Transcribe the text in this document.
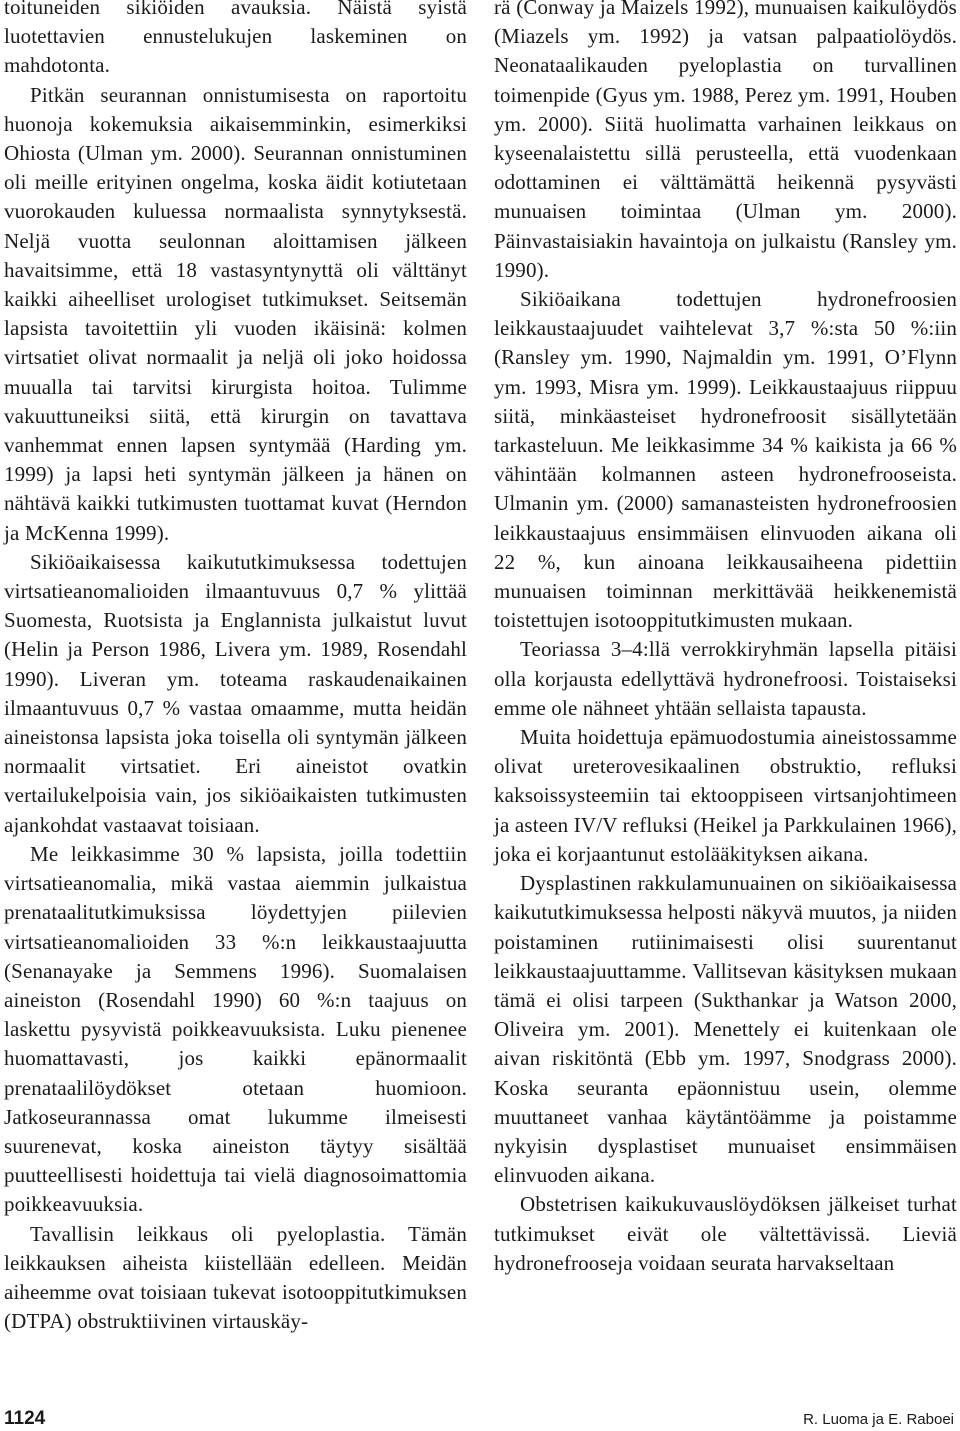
toituneiden sikiöiden avauksia. Näistä syistä luotettavien ennustelukujen laskeminen on mahdotonta.

Pitkän seurannan onnistumisesta on raportoitu huonoja kokemuksia aikaisemminkin, esimerkiksi Ohiosta (Ulman ym. 2000). Seurannan onnistuminen oli meille erityinen ongelma, koska äidit kotiutetaan vuorokauden kuluessa normaalista synnytyksestä. Neljä vuotta seulonnan aloittamisen jälkeen havaitsimme, että 18 vastasyntynyttä oli välttänyt kaikki aiheelliset urologiset tutkimukset. Seitsemän lapsista tavoitettiin yli vuoden ikäisinä: kolmen virtsatiet olivat normaalit ja neljä oli joko hoidossa muualla tai tarvitsi kirurgista hoitoa. Tulimme vakuuttuneiksi siitä, että kirurgin on tavattava vanhemmat ennen lapsen syntymää (Harding ym. 1999) ja lapsi heti syntymän jälkeen ja hänen on nähtävä kaikki tutkimusten tuottamat kuvat (Herndon ja McKenna 1999).

Sikiöaikaisessa kaikututkimuksessa todettujen virtsatieanomalioiden ilmaantuvuus 0,7 % ylittää Suomesta, Ruotsista ja Englannista julkaistut luvut (Helin ja Person 1986, Livera ym. 1989, Rosendahl 1990). Liveran ym. toteama raskaudenaikainen ilmaantuvuus 0,7 % vastaa omaamme, mutta heidän aineistonsa lapsista joka toisella oli syntymän jälkeen normaalit virtsatiet. Eri aineistot ovatkin vertailukelpoisia vain, jos sikiöaikaisten tutkimusten ajankohdat vastaavat toisiaan.

Me leikkasimme 30 % lapsista, joilla todettiin virtsatieanomalia, mikä vastaa aiemmin julkaistua prenataalitutkimuksissa löydettyjen piilevien virtsatieanomalioiden 33 %:n leikkaustaajuutta (Senanayake ja Semmens 1996). Suomalaisen aineiston (Rosendahl 1990) 60 %:n taajuus on laskettu pysyvistä poikkeavuuksista. Luku pienenee huomattavasti, jos kaikki epänormaalit prenataalilöydökset otetaan huomioon. Jatkoseurannassa omat lukumme ilmeisesti suurenevat, koska aineiston täytyy sisältää puutteellisesti hoidettuja tai vielä diagnosoimattomia poikkeavuuksia.

Tavallisin leikkaus oli pyeloplastia. Tämän leikkauksen aiheista kiistellään edelleen. Meidän aiheemme ovat toisiaan tukevat isotooppitutkimuksen (DTPA) obstruktiivinen virtauskäy-

rä (Conway ja Maizels 1992), munuaisen kaikulöydös (Miazels ym. 1992) ja vatsan palpaatiolöydös. Neonataalikauden pyeloplastia on turvallinen toimenpide (Gyus ym. 1988, Perez ym. 1991, Houben ym. 2000). Siitä huolimatta varhainen leikkaus on kyseenalaistettu sillä perusteella, että vuodenkaan odottaminen ei välttämättä heikennä pysyvästi munuaisen toimintaa (Ulman ym. 2000). Päinvastaisiakin havaintoja on julkaistu (Ransley ym. 1990).

Sikiöaikana todettujen hydronefroosien leikkaustaajuudet vaihtelevat 3,7 %:sta 50 %:iin (Ransley ym. 1990, Najmaldin ym. 1991, O’Flynn ym. 1993, Misra ym. 1999). Leikkaustaajuus riippuu siitä, minkäasteiset hydronefroosit sisällytetään tarkasteluun. Me leikkasimme 34 % kaikista ja 66 % vähintään kolmannen asteen hydronefrooseista. Ulmanin ym. (2000) samanasteisten hydronefroosien leikkaustaajuus ensimmäisen elinvuoden aikana oli 22 %, kun ainoana leikkausaiheena pidettiin munuaisen toiminnan merkittävää heikkenemistä toistettujen isotooppitutkimusten mukaan.

Teoriassa 3–4:llä verrokkiryhmän lapsella pitäisi olla korjausta edellyttävä hydronefroosi. Toistaiseksi emme ole nähneet yhtään sellaista tapausta.

Muita hoidettuja epämuodostumia aineistossamme olivat ureterovesikaalinen obstruktio, refluksi kaksoissysteemiin tai ektooppiseen virtsanjohtimeen ja asteen IV/V refluksi (Heikel ja Parkkulainen 1966), joka ei korjaantunut estolääkityksen aikana.

Dysplastinen rakkulamunuainen on sikiöaikaisessa kaikututkimuksessa helposti näkyvä muutos, ja niiden poistaminen rutiinimaisesti olisi suurentanut leikkaustaajuuttamme. Vallitsevan käsityksen mukaan tämä ei olisi tarpeen (Sukthankar ja Watson 2000, Oliveira ym. 2001). Menettely ei kuitenkaan ole aivan riskitöntä (Ebb ym. 1997, Snodgrass 2000). Koska seuranta epäonnistuu usein, olemme muuttaneet vanhaa käytäntöämme ja poistamme nykyisin dysplastiset munuaiset ensimmäisen elinvuoden aikana.

Obstetrisen kaikukuvauslöydöksen jälkeiset turhat tutkimukset eivät ole vältettävissä. Lieviä hydronefrooseja voidaan seurata harvakseltaan

1124	R. Luoma ja E. Raboei
